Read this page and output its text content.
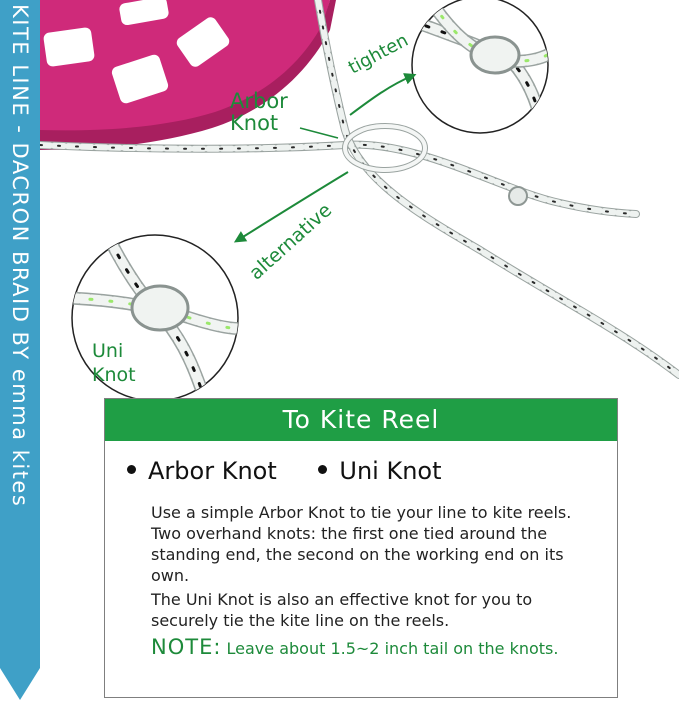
KITE LINE - DACRON BRAID BY emma kites	Arbor
Knot
tighten
alternative
Uni
Knot
To Kite Reel
Arbor Knot	Uni Knot
Use a simple Arbor Knot to tie your line to kite reels. Two overhand knots: the first one tied around the standing end, the second on the working end on its own.
The Uni Knot is also an effective knot for you to securely tie the kite line on the reels.
NOTE: Leave about 1.5~2 inch tail on the knots.
